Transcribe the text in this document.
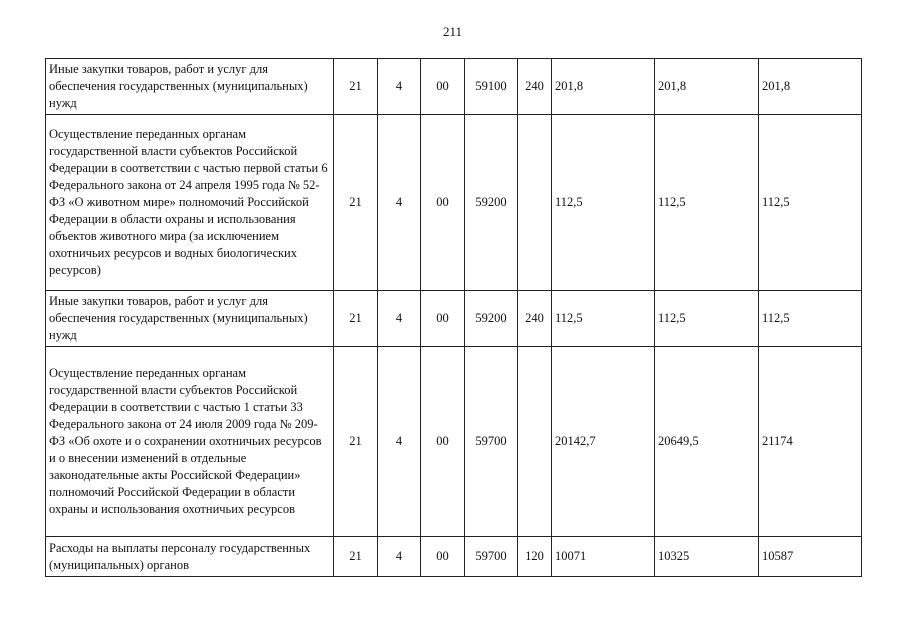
211
Иные закупки товаров, работ и услуг для обеспечения государственных (муниципальных) нужд	21	4	00	59100	240	201,8	201,8	201,8
Осуществление переданных органам государственной власти субъектов Российской Федерации в соответствии с частью первой статьи 6 Федерального закона от 24 апреля 1995 года № 52-ФЗ «О животном мире» полномочий Российской Федерации в области охраны и использования объектов животного мира (за исключением охотничьих ресурсов и водных биологических ресурсов)	21	4	00	59200		112,5	112,5	112,5
Иные закупки товаров, работ и услуг для обеспечения государственных (муниципальных) нужд	21	4	00	59200	240	112,5	112,5	112,5
Осуществление переданных органам государственной власти субъектов Российской Федерации в соответствии с частью 1 статьи 33 Федерального закона от 24 июля 2009 года № 209-ФЗ «Об охоте и о сохранении охотничьих ресурсов и о внесении изменений в отдельные законодательные акты Российской Федерации» полномочий Российской Федерации в области охраны и использования охотничьих ресурсов	21	4	00	59700		20142,7	20649,5	21174
Расходы на выплаты персоналу государственных (муниципальных) органов	21	4	00	59700	120	10071	10325	10587
